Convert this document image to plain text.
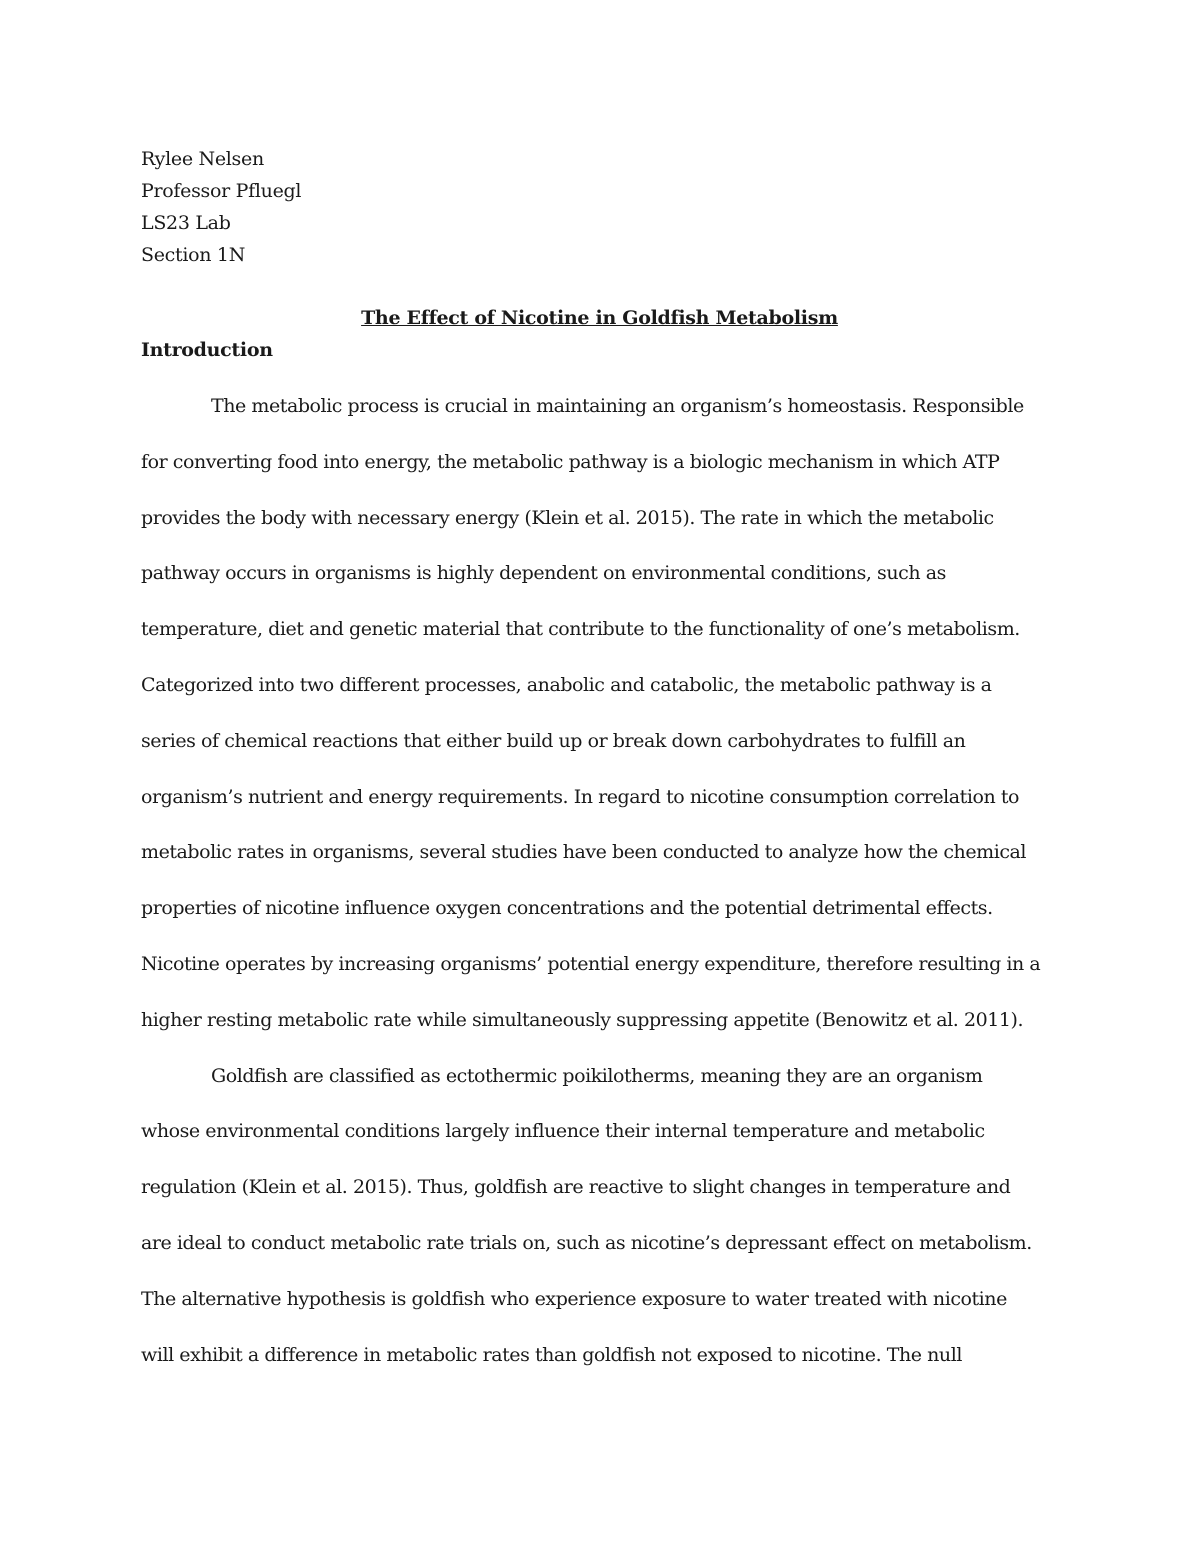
Rylee Nelsen
Professor Pfluegl
LS23 Lab
Section 1N
The Effect of Nicotine in Goldfish Metabolism
Introduction
The metabolic process is crucial in maintaining an organism’s homeostasis. Responsible
for converting food into energy, the metabolic pathway is a biologic mechanism in which ATP
provides the body with necessary energy (Klein et al. 2015). The rate in which the metabolic
pathway occurs in organisms is highly dependent on environmental conditions, such as
temperature, diet and genetic material that contribute to the functionality of one’s metabolism.
Categorized into two different processes, anabolic and catabolic, the metabolic pathway is a
series of chemical reactions that either build up or break down carbohydrates to fulfill an
organism’s nutrient and energy requirements. In regard to nicotine consumption correlation to
metabolic rates in organisms, several studies have been conducted to analyze how the chemical
properties of nicotine influence oxygen concentrations and the potential detrimental effects.
Nicotine operates by increasing organisms’ potential energy expenditure, therefore resulting in a
higher resting metabolic rate while simultaneously suppressing appetite (Benowitz et al. 2011).
Goldfish are classified as ectothermic poikilotherms, meaning they are an organism
whose environmental conditions largely influence their internal temperature and metabolic
regulation (Klein et al. 2015). Thus, goldfish are reactive to slight changes in temperature and
are ideal to conduct metabolic rate trials on, such as nicotine’s depressant effect on metabolism.
The alternative hypothesis is goldfish who experience exposure to water treated with nicotine
will exhibit a difference in metabolic rates than goldfish not exposed to nicotine. The null
